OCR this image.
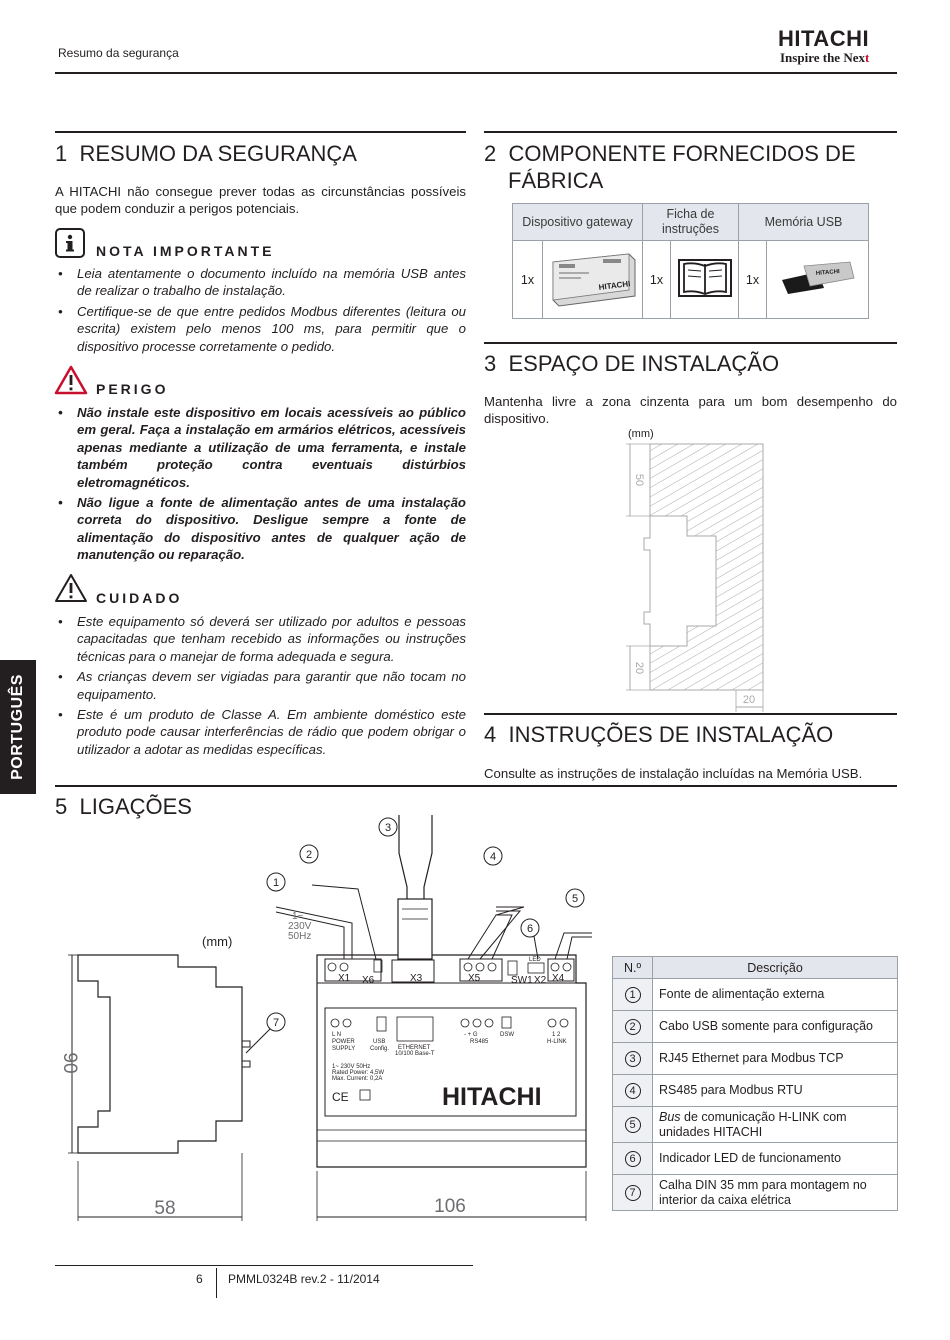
Resumo da segurança
HITACHI
Inspire the Next
PORTUGUÊS
1 RESUMO DA SEGURANÇA
A HITACHI não consegue prever todas as circunstâncias possíveis que podem conduzir a perigos potenciais.
NOTA IMPORTANTE
• Leia atentamente o documento incluído na memória USB antes de realizar o trabalho de instalação.
• Certifique-se de que entre pedidos Modbus diferentes (leitura ou escrita) existem pelo menos 100 ms, para permitir que o dispositivo processe corretamente o pedido.
PERIGO
• Não instale este dispositivo em locais acessíveis ao público em geral. Faça a instalação em armários elétricos, acessíveis apenas mediante a utilização de uma ferramenta, e instale também proteção contra eventuais distúrbios eletromagnéticos.
• Não ligue a fonte de alimentação antes de uma instalação correta do dispositivo. Desligue sempre a fonte de alimentação do dispositivo antes de qualquer ação de manutenção ou reparação.
CUIDADO
• Este equipamento só deverá ser utilizado por adultos e pessoas capacitadas que tenham recebido as informações ou instruções técnicas para o manejar de forma adequada e segura.
• As crianças devem ser vigiadas para garantir que não tocam no equipamento.
• Este é um produto de Classe A. Em ambiente doméstico este produto pode causar interferências de rádio que podem obrigar o utilizador a adotar as medidas específicas.
2 COMPONENTE FORNECIDOS DE
FÁBRICA
Dispositivo gateway		Ficha de instruções		Memória USB	
1x	HITACHI	1x		1x	HITACHI
3 ESPAÇO DE INSTALAÇÃO
Mantenha livre a zona cinzenta para um bom desempenho do dispositivo.
(mm)
50
20
20
4 INSTRUÇÕES DE INSTALAÇÃO
Consulte as instruções de instalação incluídas na Memória USB.
5 LIGAÇÕES
(mm)
90
58
7
X1 X6	X3	X5	SW1
LED
X2 X4
L N
POWER
SUPPLY
USB
Config. ETHERNET
10/100 Base-T
- + G	DSW
RS485
1 2
H-LINK
1~ 230V 50Hz
Rated Power: 4,5W
Max. Current: 0,2A
CE	HITACHI
106
1~
230V
50Hz
1
2
3
4
5
6
N.º	Descrição
1	Fonte de alimentação externa
2	Cabo USB somente para configuração
3	RJ45 Ethernet para Modbus TCP
4	RS485 para Modbus RTU
5	Bus de comunicação H-LINK com unidades HITACHI
6	Indicador LED de funcionamento
7	Calha DIN 35 mm para montagem no interior da caixa elétrica
6 PMML0324B rev.2 - 11/2014
